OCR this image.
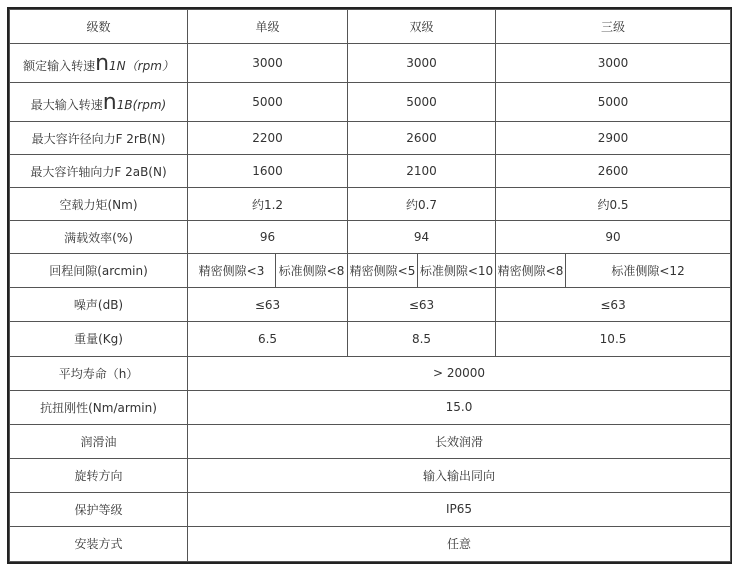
级数	单级		双级		三级	
额定输入转速n1N（rpm）	3000		3000		3000	
最大输入转速n1B(rpm)	5000		5000		5000	
最大容许径向力F 2rB(N)	2200		2600		2900	
最大容许轴向力F 2aB(N)	1600		2100		2600	
空载力矩(Nm)	约1.2		约0.7		约0.5	
满载效率(%)	96		94		90	
回程间隙(arcmin)	精密侧隙<3	标准侧隙<8	精密侧隙<5	标准侧隙<10	精密侧隙<8	标准侧隙<12
噪声(dB)	≤63		≤63		≤63	
重量(Kg)	6.5		8.5		10.5	
平均寿命（h）	> 20000					
抗扭刚性(Nm/armin)	15.0					
润滑油	长效润滑					
旋转方向	输入输出同向					
保护等级	IP65					
安装方式	任意					
